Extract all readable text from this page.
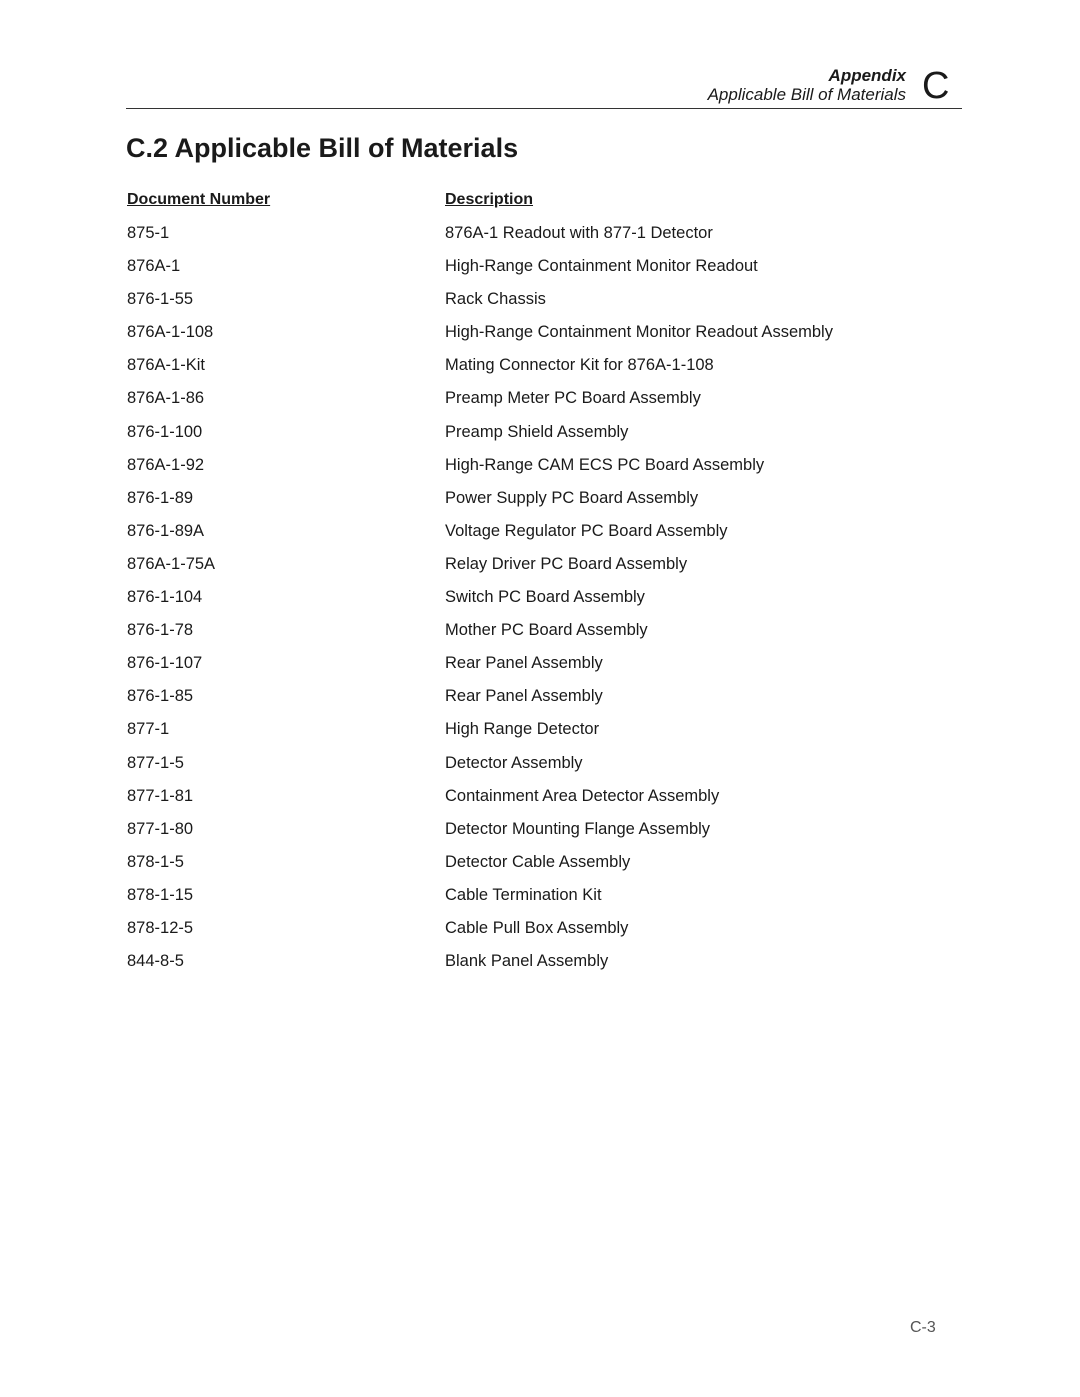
Appendix
Applicable Bill of Materials C
C.2 Applicable Bill of Materials
Document Number	Description
875-1	876A-1 Readout with 877-1 Detector
876A-1	High-Range Containment Monitor Readout
876-1-55	Rack Chassis
876A-1-108	High-Range Containment Monitor Readout Assembly
876A-1-Kit	Mating Connector Kit for 876A-1-108
876A-1-86	Preamp Meter PC Board Assembly
876-1-100	Preamp Shield Assembly
876A-1-92	High-Range CAM ECS PC Board Assembly
876-1-89	Power Supply PC Board Assembly
876-1-89A	Voltage Regulator PC Board Assembly
876A-1-75A	Relay Driver PC Board Assembly
876-1-104	Switch PC Board Assembly
876-1-78	Mother PC Board Assembly
876-1-107	Rear Panel Assembly
876-1-85	Rear Panel Assembly
877-1	High Range Detector
877-1-5	Detector Assembly
877-1-81	Containment Area Detector Assembly
877-1-80	Detector Mounting Flange Assembly
878-1-5	Detector Cable Assembly
878-1-15	Cable Termination Kit
878-12-5	Cable Pull Box Assembly
844-8-5	Blank Panel Assembly
C-3
